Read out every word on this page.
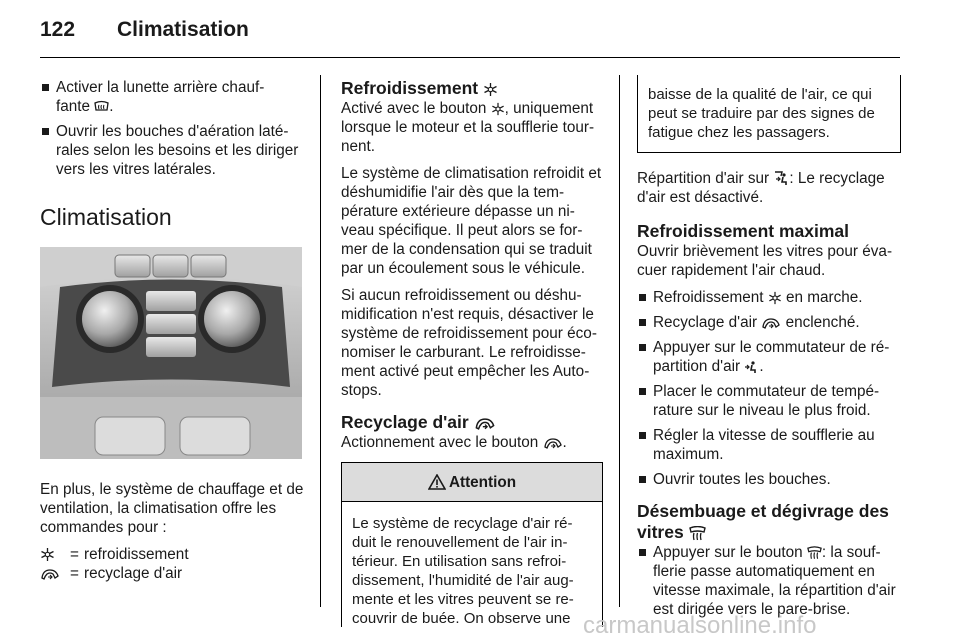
122 Climatisation
Activer la lunette arrière chauf-
fante .
Ouvrir les bouches d'aération laté-rales selon les besoins et les diriger vers les vitres latérales.
Climatisation

En plus, le système de chauffage et de ventilation, la climatisation offre les commandes pour :

	=	refroidissement
	=	recyclage d'air
Refroidissement

Activé avec le bouton , uniquement lorsque le moteur et la soufflerie tour-nent.

Le système de climatisation refroidit et déshumidifie l'air dès que la tem-pérature extérieure dépasse un ni-veau spécifique. Il peut alors se for-mer de la condensation qui se traduit par un écoulement sous le véhicule.

Si aucun refroidissement ou déshu-midification n'est requis, désactiver le système de refroidissement pour éco-nomiser le carburant. Le refroidisse-ment activé peut empêcher les Auto-stops.

Recyclage d'air

Actionnement avec le bouton .

Attention
Le système de recyclage d'air ré-duit le renouvellement de l'air in-térieur. En utilisation sans refroi-dissement, l'humidité de l'air aug-mente et les vitres peuvent se re-couvrir de buée. On observe une
baisse de la qualité de l'air, ce qui peut se traduire par des signes de fatigue chez les passagers.

Répartition d'air sur : Le recyclage d'air est désactivé.

Refroidissement maximal

Ouvrir brièvement les vitres pour éva-cuer rapidement l'air chaud.

Refroidissement en marche.
Recyclage d'air enclenché.
Appuyer sur le commutateur de ré-partition d'air .
Placer le commutateur de tempé-rature sur le niveau le plus froid.
Régler la vitesse de soufflerie au maximum.
Ouvrir toutes les bouches.
Désembuage et dégivrage des vitres
Appuyer sur le bouton : la souf-flerie passe automatiquement en vitesse maximale, la répartition d'air est dirigée vers le pare-brise.
carmanualsonline.info
